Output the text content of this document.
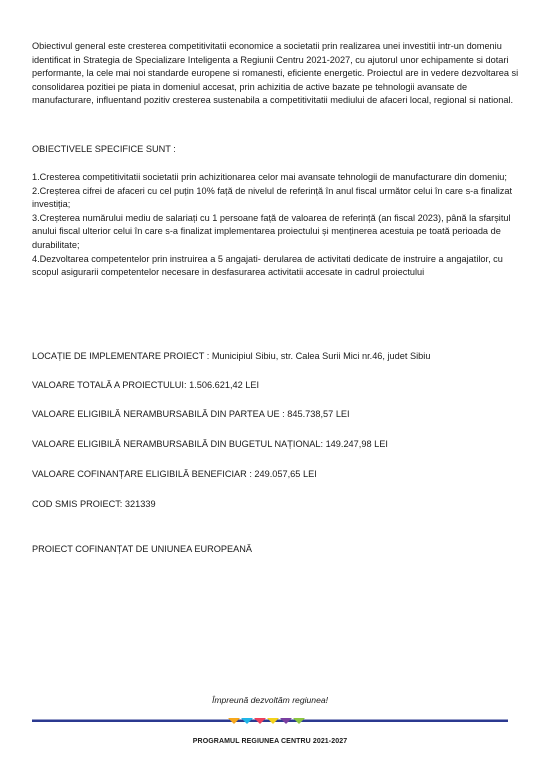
Obiectivul general este cresterea competitivitatii economice a societatii prin realizarea unei investitii intr-un domeniu identificat in Strategia de Specializare Inteligenta a Regiunii Centru 2021-2027, cu ajutorul unor echipamente si dotari performante, la cele mai noi standarde europene si romanesti, eficiente energetic. Proiectul are in vedere dezvoltarea si consolidarea pozitiei pe piata in domeniul accesat, prin achizitia de active bazate pe tehnologii avansate de manufacturare, influentand pozitiv cresterea sustenabila a competitivitatii mediului de afaceri local, regional si national.
OBIECTIVELE SPECIFICE SUNT :

1.Cresterea competitivitatii societatii prin achizitionarea celor mai avansate tehnologii de manufacturare din domeniu;

2.Creșterea cifrei de afaceri cu cel puțin 10% față de nivelul de referință în anul fiscal următor celui în care s-a finalizat investiția;

3.Creșterea numărului mediu de salariați cu 1 persoane față de valoarea de referință (an fiscal 2023), până la sfarșitul anului fiscal ulterior celui în care s-a finalizat implementarea proiectului și menținerea acestuia pe toată perioada de durabilitate;

4.Dezvoltarea competentelor prin instruirea a 5 angajati- derularea de activitati dedicate de instruire a angajatilor, cu scopul asigurarii competentelor necesare in desfasurarea activitatii accesate in cadrul proiectului

LOCAȚIE DE IMPLEMENTARE PROIECT : Municipiul Sibiu, str. Calea Surii Mici nr.46, judet Sibiu
VALOARE TOTALĂ A PROIECTULUI: 1.506.621,42 LEI
VALOARE ELIGIBILĂ NERAMBURSABILĂ DIN PARTEA UE : 845.738,57 LEI
VALOARE ELIGIBILĂ NERAMBURSABILĂ DIN BUGETUL NAȚIONAL: 149.247,98 LEI
VALOARE COFINANȚARE ELIGIBILĂ BENEFICIAR : 249.057,65 LEI
COD SMIS PROIECT: 321339
PROIECT COFINANȚAT DE UNIUNEA EUROPEANĂ
Împreună dezvoltăm regiunea!
PROGRAMUL REGIUNEA CENTRU 2021-2027
